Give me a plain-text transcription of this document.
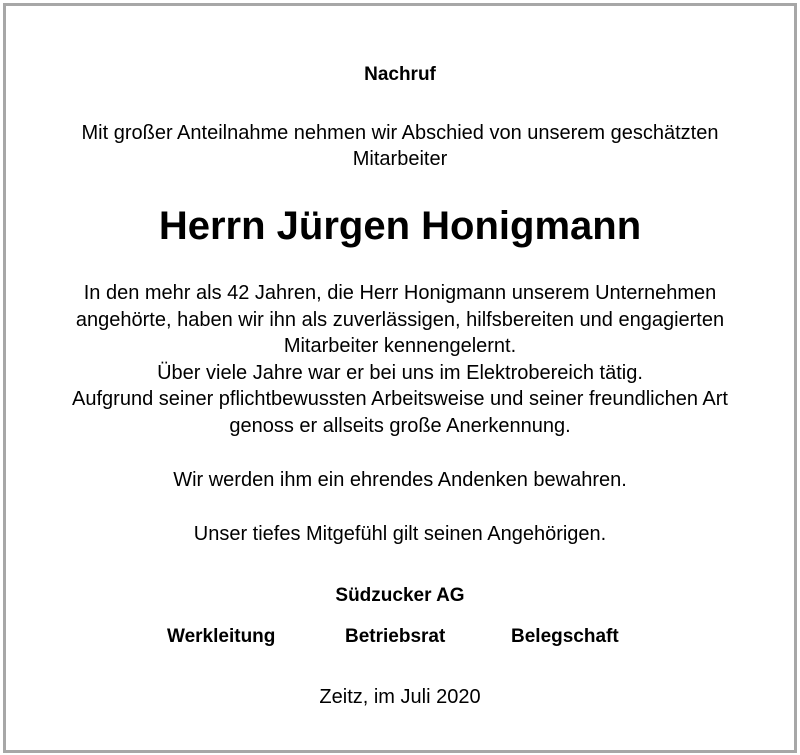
Nachruf
Mit großer Anteilnahme nehmen wir Abschied von unserem geschätzten
Mitarbeiter
Herrn Jürgen Honigmann
In den mehr als 42 Jahren, die Herr Honigmann unserem Unternehmen
angehörte, haben wir ihn als zuverlässigen, hilfsbereiten und engagierten
Mitarbeiter kennengelernt.
Über viele Jahre war er bei uns im Elektrobereich tätig.
Aufgrund seiner pflichtbewussten Arbeitsweise und seiner freundlichen Art
genoss er allseits große Anerkennung.
Wir werden ihm ein ehrendes Andenken bewahren.
Unser tiefes Mitgefühl gilt seinen Angehörigen.
Südzucker AG
Werkleitung	Betriebsrat	Belegschaft
Zeitz, im Juli 2020
